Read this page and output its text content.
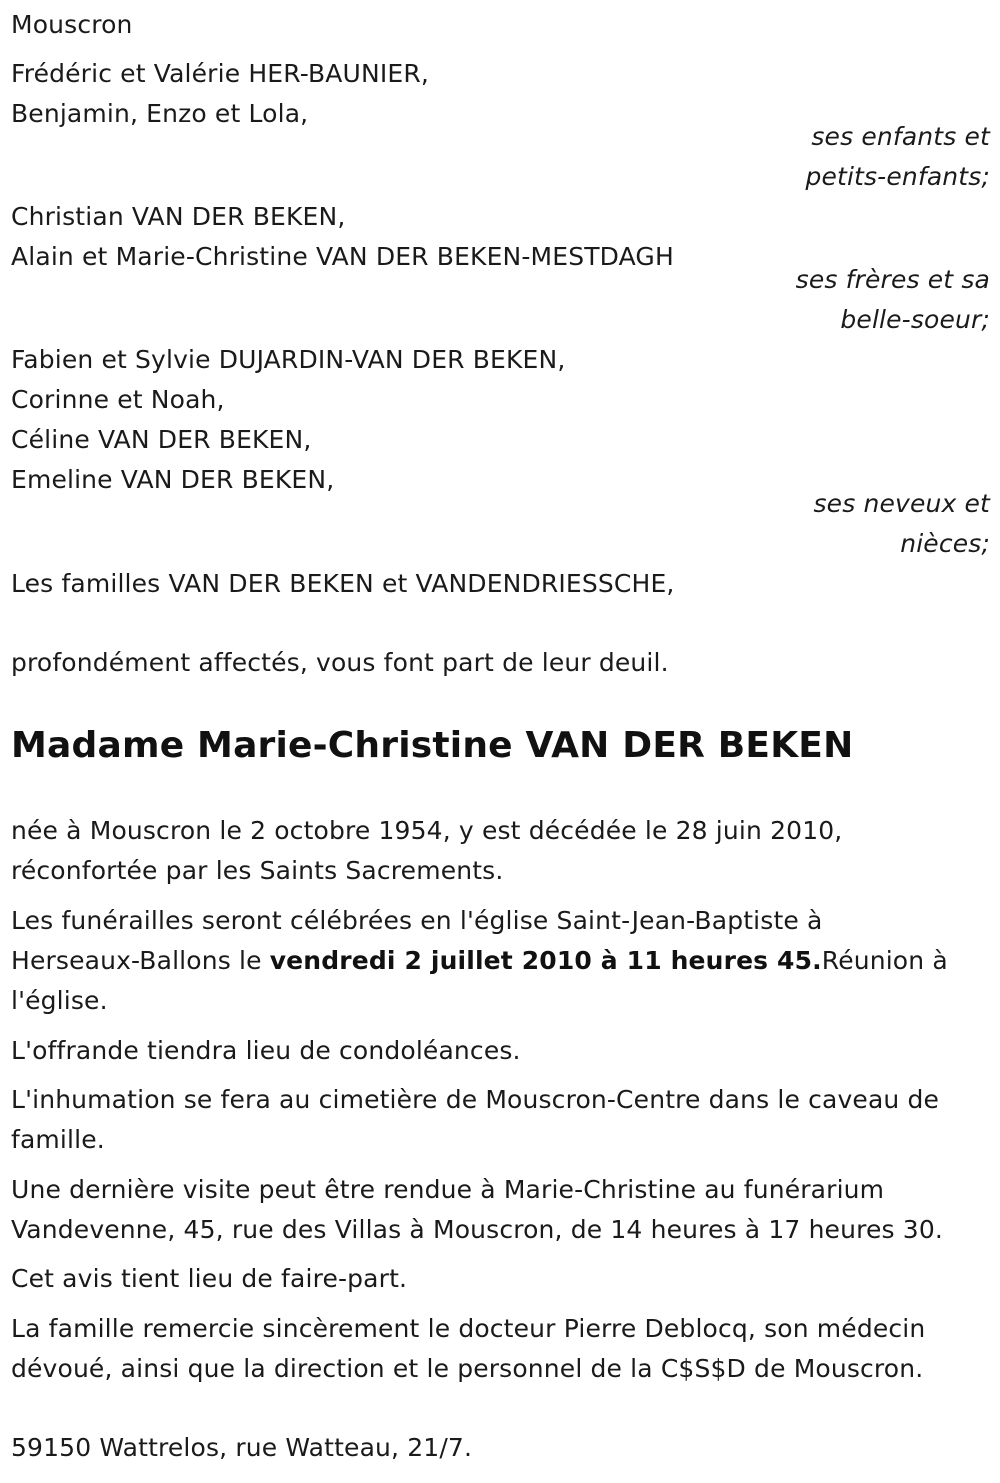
Mouscron
Frédéric et Valérie HER-BAUNIER,
Benjamin, Enzo et Lola,
ses enfants et
petits-enfants;
Christian VAN DER BEKEN,
Alain et Marie-Christine VAN DER BEKEN-MESTDAGH
ses frères et sa
belle-soeur;
Fabien et Sylvie DUJARDIN-VAN DER BEKEN,
Corinne et Noah,
Céline VAN DER BEKEN,
Emeline VAN DER BEKEN,
ses neveux et
nièces;
Les familles VAN DER BEKEN et VANDENDRIESSCHE,
profondément affectés, vous font part de leur deuil.
Madame Marie-Christine VAN DER BEKEN
née à Mouscron le 2 octobre 1954, y est décédée le 28 juin 2010,
réconfortée par les Saints Sacrements.
Les funérailles seront célébrées en l'église Saint-Jean-Baptiste à
Herseaux-Ballons le vendredi 2 juillet 2010 à 11 heures 45.Réunion à
l'église.
L'offrande tiendra lieu de condoléances.
L'inhumation se fera au cimetière de Mouscron-Centre dans le caveau de
famille.
Une dernière visite peut être rendue à Marie-Christine au funérarium
Vandevenne, 45, rue des Villas à Mouscron, de 14 heures à 17 heures 30.
Cet avis tient lieu de faire-part.
La famille remercie sincèrement le docteur Pierre Deblocq, son médecin
dévoué, ainsi que la direction et le personnel de la C$S$D de Mouscron.
59150 Wattrelos, rue Watteau, 21/7.
